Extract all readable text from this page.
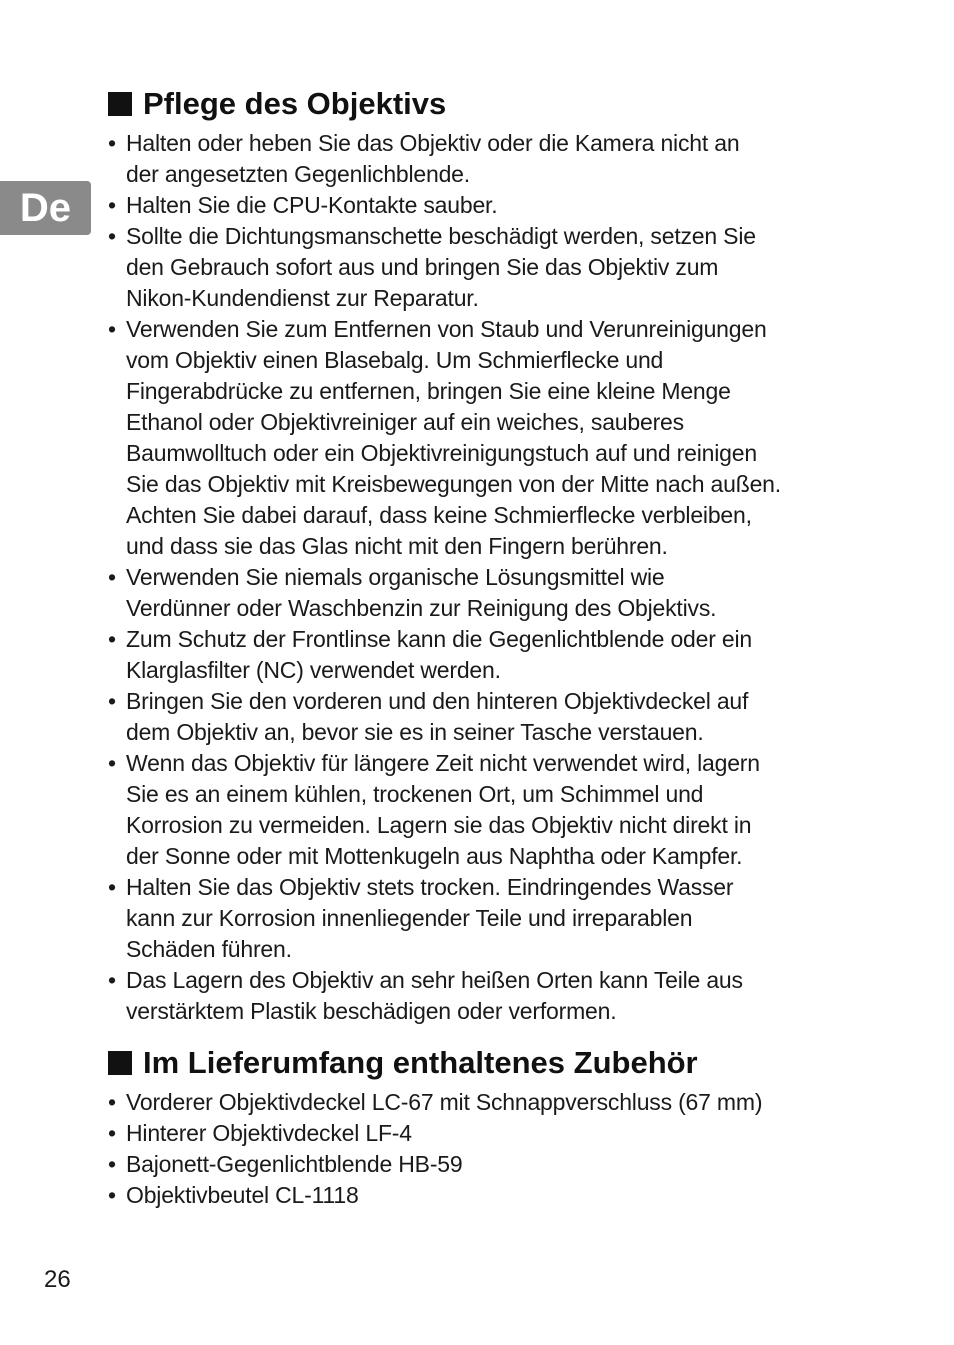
De
Pflege des Objektivs
• Halten oder heben Sie das Objektiv oder die Kamera nicht an
der angesetzten Gegenlichblende.
• Halten Sie die CPU-Kontakte sauber.
• Sollte die Dichtungsmanschette beschädigt werden, setzen Sie
den Gebrauch sofort aus und bringen Sie das Objektiv zum
Nikon-Kundendienst zur Reparatur.
• Verwenden Sie zum Entfernen von Staub und Verunreinigungen
vom Objektiv einen Blasebalg. Um Schmierflecke und
Fingerabdrücke zu entfernen, bringen Sie eine kleine Menge
Ethanol oder Objektivreiniger auf ein weiches, sauberes
Baumwolltuch oder ein Objektivreinigungstuch auf und reinigen
Sie das Objektiv mit Kreisbewegungen von der Mitte nach außen.
Achten Sie dabei darauf, dass keine Schmierflecke verbleiben,
und dass sie das Glas nicht mit den Fingern berühren.
• Verwenden Sie niemals organische Lösungsmittel wie
Verdünner oder Waschbenzin zur Reinigung des Objektivs.
• Zum Schutz der Frontlinse kann die Gegenlichtblende oder ein
Klarglasfilter (NC) verwendet werden.
• Bringen Sie den vorderen und den hinteren Objektivdeckel auf
dem Objektiv an, bevor sie es in seiner Tasche verstauen.
• Wenn das Objektiv für längere Zeit nicht verwendet wird, lagern
Sie es an einem kühlen, trockenen Ort, um Schimmel und
Korrosion zu vermeiden. Lagern sie das Objektiv nicht direkt in
der Sonne oder mit Mottenkugeln aus Naphtha oder Kampfer.
• Halten Sie das Objektiv stets trocken. Eindringendes Wasser
kann zur Korrosion innenliegender Teile und irreparablen
Schäden führen.
• Das Lagern des Objektiv an sehr heißen Orten kann Teile aus
verstärktem Plastik beschädigen oder verformen.
Im Lieferumfang enthaltenes Zubehör
• Vorderer Objektivdeckel LC-67 mit Schnappverschluss (67 mm)
• Hinterer Objektivdeckel LF-4
• Bajonett-Gegenlichtblende HB-59
• Objektivbeutel CL-1118
26
